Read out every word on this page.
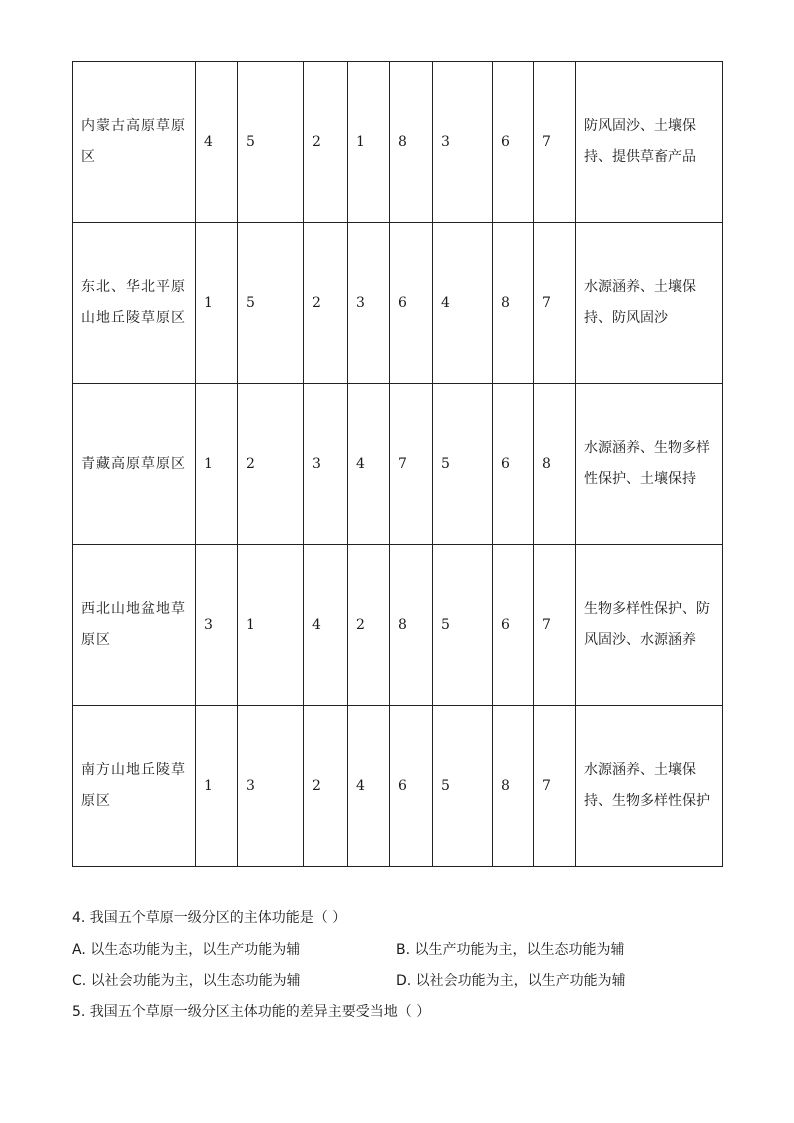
内蒙古高原草原区	4	5	2	1	8	3	6	7	防风固沙、土壤保持、提供草畜产品
东北、华北平原山地丘陵草原区	1	5	2	3	6	4	8	7	水源涵养、土壤保持、防风固沙
青藏高原草原区	1	2	3	4	7	5	6	8	水源涵养、生物多样性保护、土壤保持
西北山地盆地草原区	3	1	4	2	8	5	6	7	生物多样性保护、防风固沙、水源涵养
南方山地丘陵草原区	1	3	2	4	6	5	8	7	水源涵养、土壤保持、生物多样性保护
4. 我国五个草原一级分区的主体功能是（ ）
A. 以生态功能为主，以生产功能为辅	B. 以生产功能为主，以生态功能为辅
C. 以社会功能为主，以生态功能为辅	D. 以社会功能为主，以生产功能为辅
5. 我国五个草原一级分区主体功能的差异主要受当地（ ）
